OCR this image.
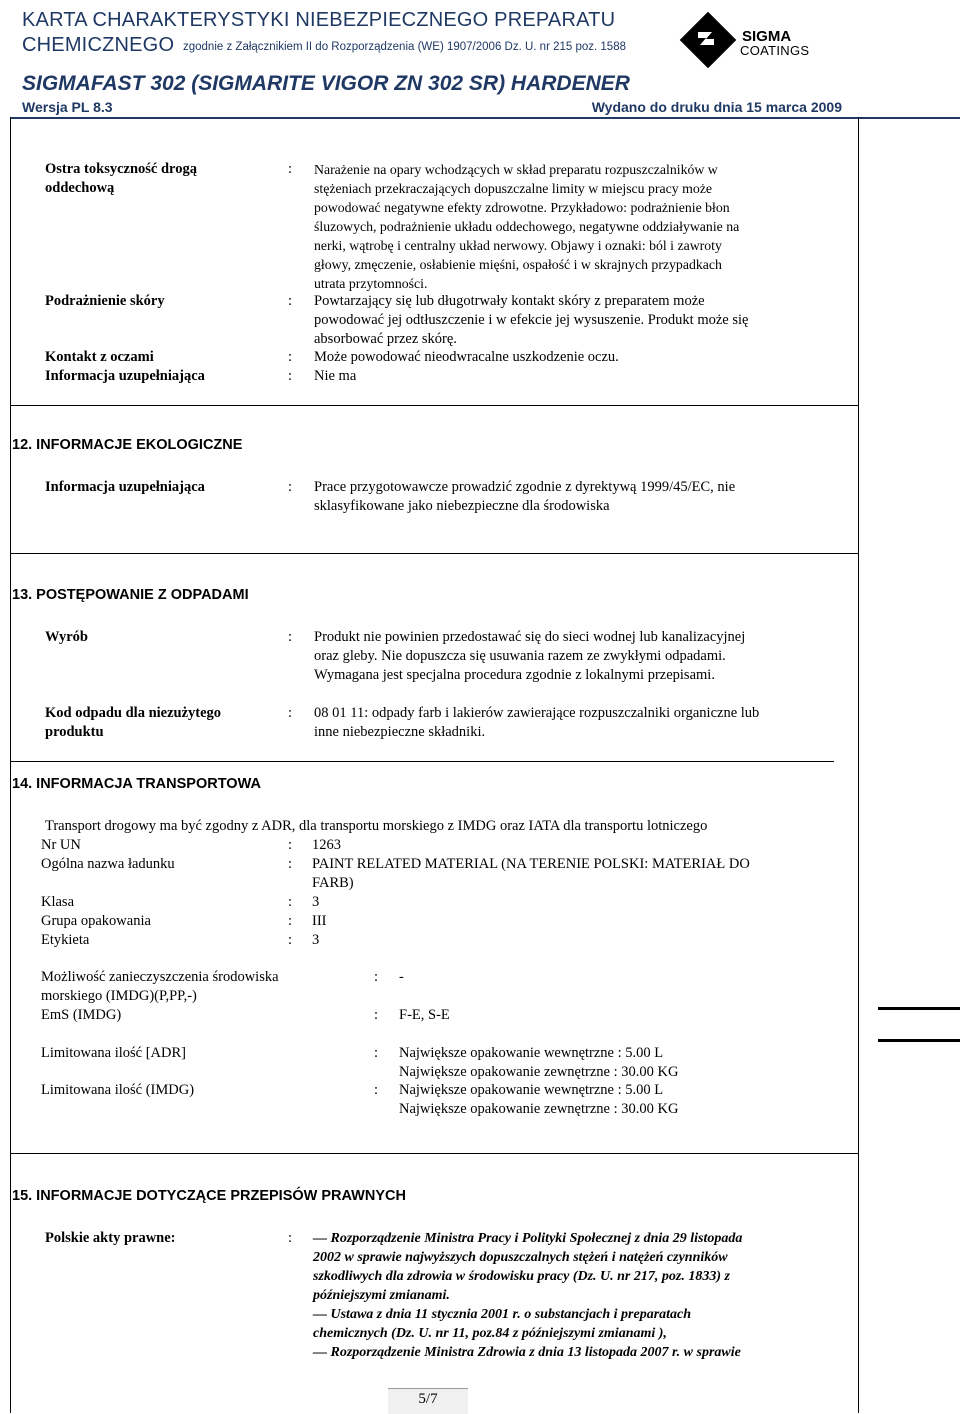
KARTA CHARAKTERYSTYKI NIEBEZPIECZNEGO PREPARATU
CHEMICZNEGO zgodnie z Załącznikiem II do Rozporządzenia (WE) 1907/2006 Dz. U. nr 215 poz. 1588
SIGMAFAST 302 (SIGMARITE VIGOR ZN 302 SR) HARDENER
Wersja PL 8.3	Wydano do druku dnia 15 marca 2009
SIGMA
COATINGS
Ostra toksyczność drogą
oddechową
: Narażenie na opary wchodzących w skład preparatu rozpuszczalników w
stężeniach przekraczających dopuszczalne limity w miejscu pracy może
powodować negatywne efekty zdrowotne. Przykładowo: podrażnienie błon
śluzowych, podrażnienie układu oddechowego, negatywne oddziaływanie na
nerki, wątrobę i centralny układ nerwowy. Objawy i oznaki: ból i zawroty
głowy, zmęczenie, osłabienie mięśni, ospałość i w skrajnych przypadkach
utrata przytomności.
Podrażnienie skóry	: Powtarzający się lub długotrwały kontakt skóry z preparatem może
powodować jej odtłuszczenie i w efekcie jej wysuszenie. Produkt może się
absorbować przez skórę.
Kontakt z oczami	: Może powodować nieodwracalne uszkodzenie oczu.
Informacja uzupełniająca	: Nie ma
12. INFORMACJE EKOLOGICZNE
Informacja uzupełniająca	: Prace przygotowawcze prowadzić zgodnie z dyrektywą 1999/45/EC, nie
sklasyfikowane jako niebezpieczne dla środowiska
13. POSTĘPOWANIE Z ODPADAMI
Wyrób	: Produkt nie powinien przedostawać się do sieci wodnej lub kanalizacyjnej
oraz gleby. Nie dopuszcza się usuwania razem ze zwykłymi odpadami.
Wymagana jest specjalna procedura zgodnie z lokalnymi przepisami.
Kod odpadu dla niezużytego
produktu
: 08 01 11: odpady farb i lakierów zawierające rozpuszczalniki organiczne lub
inne niebezpieczne składniki.
14. INFORMACJA TRANSPORTOWA
Transport drogowy ma być zgodny z ADR, dla transportu morskiego z IMDG oraz IATA dla transportu lotniczego
Nr UN	: 1263
Ogólna nazwa ładunku	: PAINT RELATED MATERIAL (NA TERENIE POLSKI: MATERIAŁ DO
FARB)
Klasa	: 3
Grupa opakowania	: III
Etykieta	: 3
Możliwość zanieczyszczenia środowiska
morskiego (IMDG)(P,PP,-)
: -
EmS (IMDG)	: F-E, S-E
Limitowana ilość [ADR]	: Największe opakowanie wewnętrzne : 5.00 L
Największe opakowanie zewnętrzne : 30.00 KG
Limitowana ilość (IMDG)	: Największe opakowanie wewnętrzne : 5.00 L
Największe opakowanie zewnętrzne : 30.00 KG
15. INFORMACJE DOTYCZĄCE PRZEPISÓW PRAWNYCH
Polskie akty prawne:	: — Rozporządzenie Ministra Pracy i Polityki Społecznej z dnia 29 listopada
2002 w sprawie najwyższych dopuszczalnych stężeń i natężeń czynników
szkodliwych dla zdrowia w środowisku pracy (Dz. U. nr 217, poz. 1833) z
późniejszymi zmianami.
— Ustawa z dnia 11 stycznia 2001 r. o substancjach i preparatach
chemicznych (Dz. U. nr 11, poz.84 z późniejszymi zmianami ),
— Rozporządzenie Ministra Zdrowia z dnia 13 listopada 2007 r. w sprawie
5/7
